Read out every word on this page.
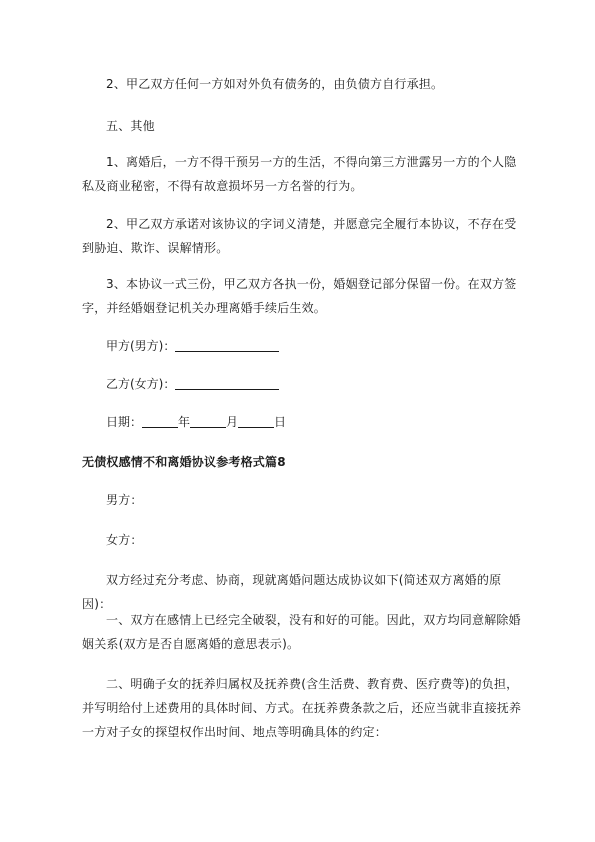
2、甲乙双方任何一方如对外负有债务的，由负债方自行承担。
五、其他
1、离婚后，一方不得干预另一方的生活，不得向第三方泄露另一方的个人隐私及商业秘密，不得有故意损坏另一方名誉的行为。
2、甲乙双方承诺对该协议的字词义清楚，并愿意完全履行本协议，不存在受到胁迫、欺诈、误解情形。
3、本协议一式三份，甲乙双方各执一份，婚姻登记部分保留一份。在双方签字，并经婚姻登记机关办理离婚手续后生效。
甲方(男方)：
乙方(女方)：
日期：	年	月	日
无债权感情不和离婚协议参考格式篇8
男方：
女方：
双方经过充分考虑、协商，现就离婚问题达成协议如下(简述双方离婚的原因)：
一、双方在感情上已经完全破裂，没有和好的可能。因此，双方均同意解除婚姻关系(双方是否自愿离婚的意思表示)。
二、明确子女的抚养归属权及抚养费(含生活费、教育费、医疗费等)的负担，并写明给付上述费用的具体时间、方式。在抚养费条款之后，还应当就非直接抚养一方对子女的探望权作出时间、地点等明确具体的约定：
